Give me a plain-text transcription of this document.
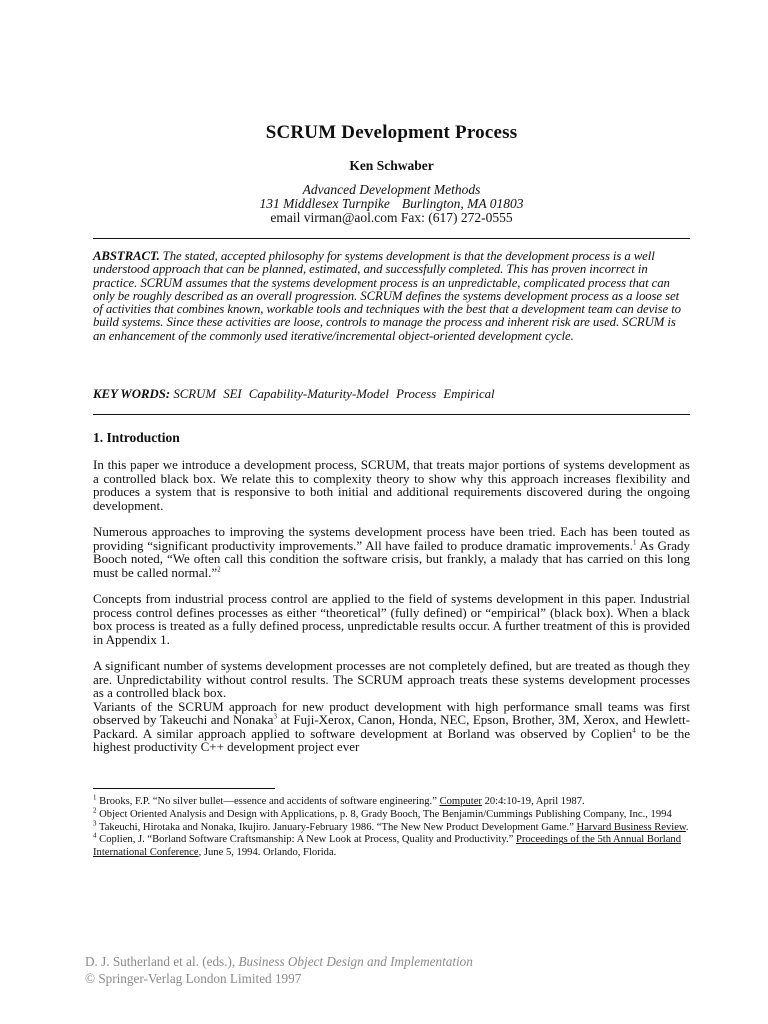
SCRUM Development Process
Ken Schwaber
Advanced Development Methods
131 Middlesex Turnpike Burlington, MA 01803
email virman@aol.com Fax: (617) 272-0555
ABSTRACT. The stated, accepted philosophy for systems development is that the development process is a well understood approach that can be planned, estimated, and successfully completed. This has proven incorrect in practice. SCRUM assumes that the systems development process is an unpredictable, complicated process that can only be roughly described as an overall progression. SCRUM defines the systems development process as a loose set of activities that combines known, workable tools and techniques with the best that a development team can devise to build systems. Since these activities are loose, controls to manage the process and inherent risk are used. SCRUM is an enhancement of the commonly used iterative/incremental object-oriented development cycle.
KEY WORDS: SCRUM SEI Capability-Maturity-Model Process Empirical
1. Introduction

In this paper we introduce a development process, SCRUM, that treats major portions of systems development as a controlled black box. We relate this to complexity theory to show why this approach increases flexibility and produces a system that is responsive to both initial and additional requirements discovered during the ongoing development.

Numerous approaches to improving the systems development process have been tried. Each has been touted as providing “significant productivity improvements.” All have failed to produce dramatic improvements.$^1$ As Grady Booch noted, “We often call this condition the software crisis, but frankly, a malady that has carried on this long must be called normal.”$^2$

Concepts from industrial process control are applied to the field of systems development in this paper. Industrial process control defines processes as either “theoretical” (fully defined) or “empirical” (black box). When a black box process is treated as a fully defined process, unpredictable results occur. A further treatment of this is provided in Appendix 1.

A significant number of systems development processes are not completely defined, but are treated as though they are. Unpredictability without control results. The SCRUM approach treats these systems development processes as a controlled black box.

Variants of the SCRUM approach for new product development with high performance small teams was first observed by Takeuchi and Nonaka$^3$ at Fuji-Xerox, Canon, Honda, NEC, Epson, Brother, 3M, Xerox, and Hewlett-Packard. A similar approach applied to software development at Borland was observed by Coplien$^4$ to be the highest productivity C++ development project ever

$^1$ Brooks, F.P. “No silver bullet—essence and accidents of software engineering.” Computer 20:4:10-19, April 1987.

$^2$ Object Oriented Analysis and Design with Applications, p. 8, Grady Booch, The Benjamin/Cummings Publishing Company, Inc., 1994

$^3$ Takeuchi, Hirotaka and Nonaka, Ikujiro. January-February 1986. “The New New Product Development Game.” Harvard Business Review.

$^4$ Coplien, J. “Borland Software Craftsmanship: A New Look at Process, Quality and Productivity.” Proceedings of the 5th Annual Borland International Conference, June 5, 1994. Orlando, Florida.

D. J. Sutherland et al. (eds.), Business Object Design and Implementation
© Springer-Verlag London Limited 1997
